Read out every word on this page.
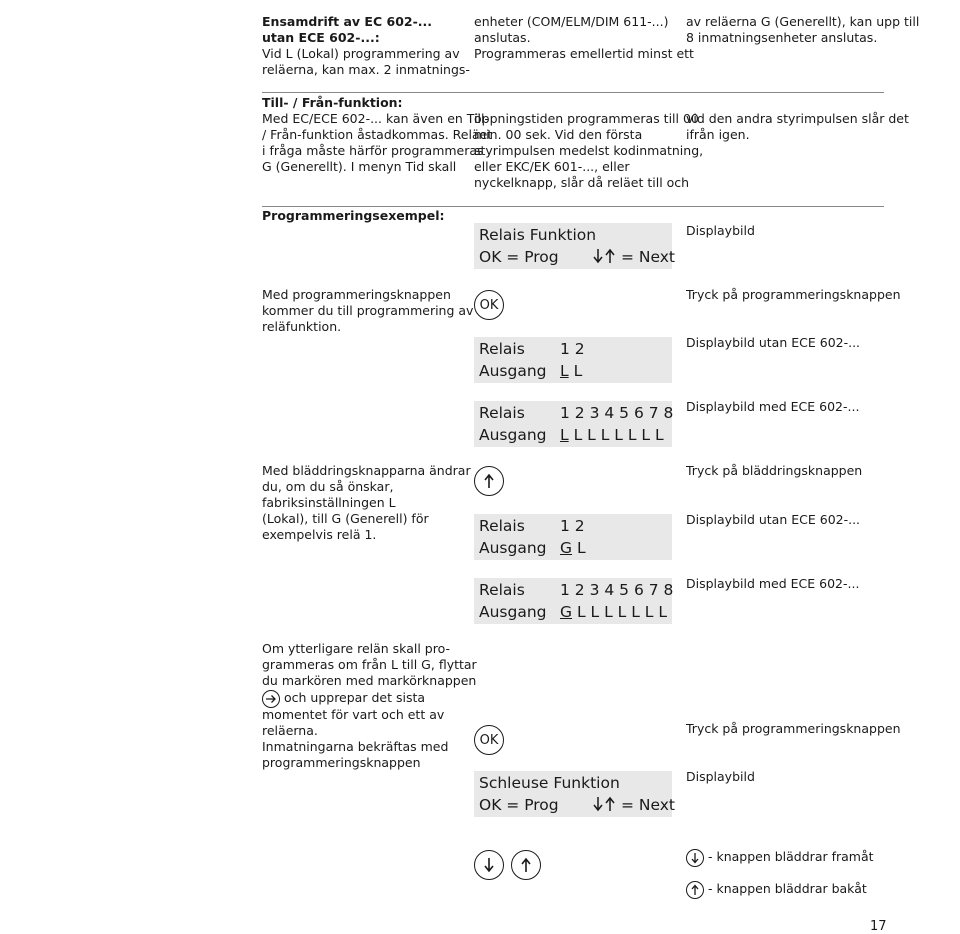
Ensamdrift av EC 602-...
utan ECE 602-...:
Vid L (Lokal) programmering av
reläerna, kan max. 2 inmatnings-
enheter (COM/ELM/DIM 611-...)
anslutas.
Programmeras emellertid minst ett
av reläerna G (Generellt), kan upp till
8 inmatningsenheter anslutas.
Till- / Från-funktion:
Med EC/ECE 602-... kan även en Till-
/ Från-funktion åstadkommas. Reläet
i fråga måste härför programmeras
G (Generellt). I menyn Tid skall
öppningstiden programmeras till 00
min. 00 sek. Vid den första
styrimpulsen medelst kodinmatning,
eller EKC/EK 601-..., eller
nyckelknapp, slår då reläet till och
vid den andra styrimpulsen slår det
ifrån igen.
Programmeringsexempel:
Med programmeringsknappen
kommer du till programmering av
reläfunktion.
Med bläddringsknapparna ändrar
du, om du så önskar,
fabriksinställningen L
(Lokal), till G (Generell) för
exempelvis relä 1.
Om ytterligare relän skall pro-
grammeras om från L till G, flyttar
du markören med markörknappen
och upprepar det sista
momentet för vart och ett av
reläerna.
Inmatningarna bekräftas med
programmeringsknappen
Relais Funktion
OK = Prog	= Next
OK
Relais 1 2
Ausgang L L
Relais 1 2 3 4 5 6 7 8
Ausgang L L L L L L L L
Relais 1 2
Ausgang G L
Relais 1 2 3 4 5 6 7 8
Ausgang G L L L L L L L
OK
Schleuse Funktion
OK = Prog	= Next
Displaybild
Tryck på programmeringsknappen
Displaybild utan ECE 602-...
Displaybild med ECE 602-...
Tryck på bläddringsknappen
Displaybild utan ECE 602-...
Displaybild med ECE 602-...
Tryck på programmeringsknappen
Displaybild
- knappen bläddrar framåt
- knappen bläddrar bakåt
17
